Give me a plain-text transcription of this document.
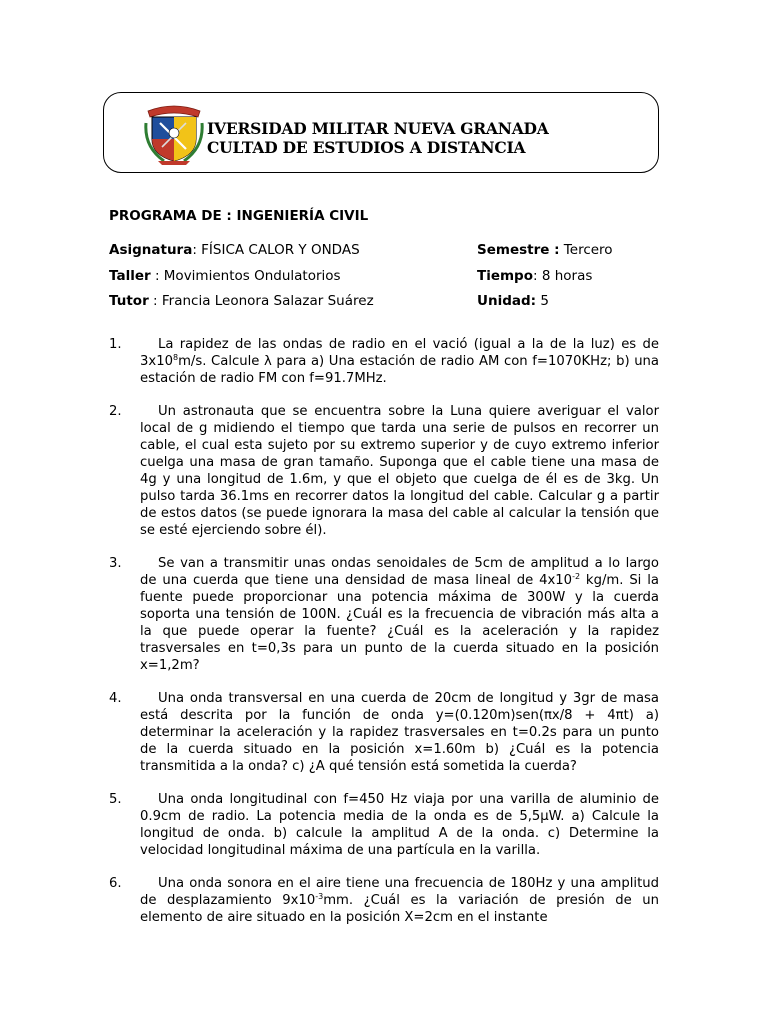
IVERSIDAD MILITAR NUEVA GRANADA
CULTAD DE ESTUDIOS A DISTANCIA
PROGRAMA DE : INGENIERÍA CIVIL
Asignatura: FÍSICA CALOR Y ONDAS	Semestre : Tercero
Taller : Movimientos Ondulatorios	Tiempo: 8 horas
Tutor : Francia Leonora Salazar Suárez	Unidad: 5
1.	La rapidez de las ondas de radio en el vació (igual a la de la luz) es de $3x10^8m/s$. Calcule λ para a) Una estación de radio AM con f=1070KHz; b) una estación de radio FM con f=91.7MHz.
2.	Un astronauta que se encuentra sobre la Luna quiere averiguar el valor local de g midiendo el tiempo que tarda una serie de pulsos en recorrer un cable, el cual esta sujeto por su extremo superior y de cuyo extremo inferior cuelga una masa de gran tamaño. Suponga que el cable tiene una masa de 4g y una longitud de 1.6m, y que el objeto que cuelga de él es de 3kg. Un pulso tarda 36.1ms en recorrer datos la longitud del cable. Calcular g a partir de estos datos (se puede ignorara la masa del cable al calcular la tensión que se esté ejerciendo sobre él).
3.	Se van a transmitir unas ondas senoidales de 5cm de amplitud a lo largo de una cuerda que tiene una densidad de masa lineal de $4x10^{-2}$ kg/m. Si la fuente puede proporcionar una potencia máxima de 300W y la cuerda soporta una tensión de 100N. ¿Cuál es la frecuencia de vibración más alta a la que puede operar la fuente? ¿Cuál es la aceleración y la rapidez trasversales en t=0,3s para un punto de la cuerda situado en la posición x=1,2m?
4.	Una onda transversal en una cuerda de 20cm de longitud y 3gr de masa está descrita por la función de onda y=(0.120m)sen(πx/8 + 4πt) a) determinar la aceleración y la rapidez trasversales en t=0.2s para un punto de la cuerda situado en la posición x=1.60m b) ¿Cuál es la potencia transmitida a la onda? c) ¿A qué tensión está sometida la cuerda?
5.	Una onda longitudinal con f=450 Hz viaja por una varilla de aluminio de 0.9cm de radio. La potencia media de la onda es de 5,5µW. a) Calcule la longitud de onda. b) calcule la amplitud A de la onda. c) Determine la velocidad longitudinal máxima de una partícula en la varilla.
6.	Una onda sonora en el aire tiene una frecuencia de 180Hz y una amplitud de desplazamiento $9x10^{-3}mm$. ¿Cuál es la variación de presión de un elemento de aire situado en la posición X=2cm en el instante
